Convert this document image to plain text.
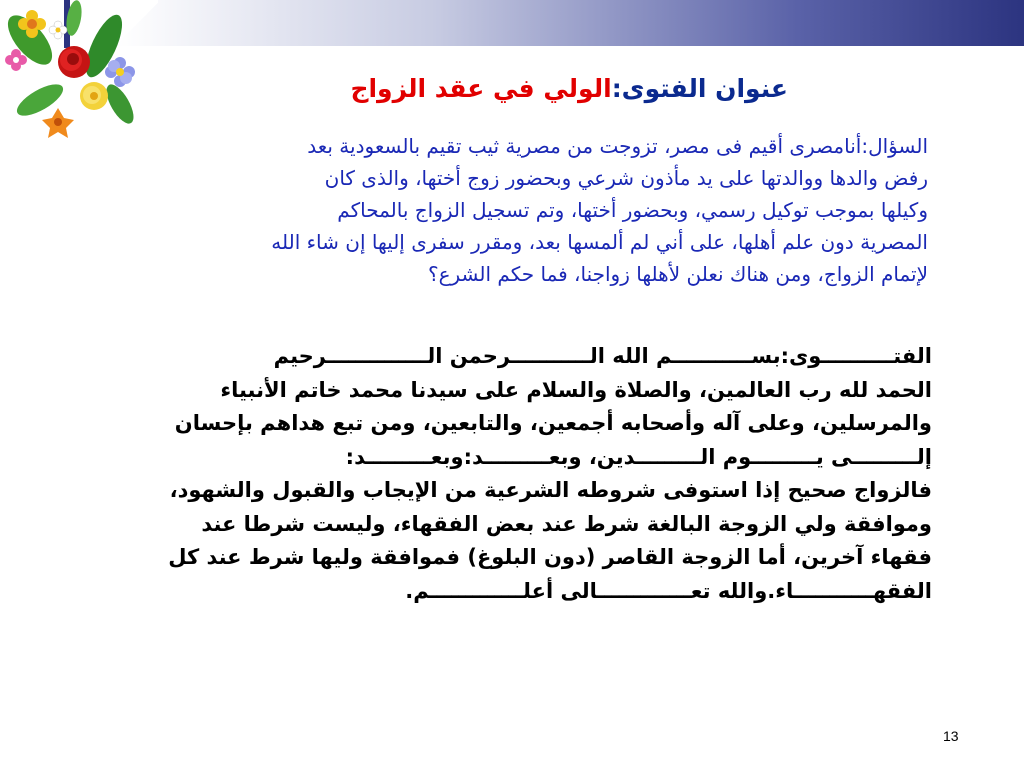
عنوان الفتوى:الولي في عقد الزواج
السؤال:أنامصرى أقيم فى مصر، تزوجت من مصرية ثيب تقيم بالسعودية بعد
رفض والدها ووالدتها على يد مأذون شرعي وبحضور زوج أختها، والذى كان
وكيلها بموجب توكيل رسمي، وبحضور أختها، وتم تسجيل الزواج بالمحاكم
المصرية دون علم أهلها، على أني لم ألمسها بعد، ومقرر سفرى إليها إن شاء الله
لإتمام الزواج، ومن هناك نعلن لأهلها زواجنا، فما حكم الشرع؟
الفتــــــــــوى:بســـــــــــم الله الـــــــــــرحمن الــــــــــــــرحيم
الحمد لله رب العالمين، والصلاة والسلام على سيدنا محمد خاتم الأنبياء
والمرسلين، وعلى آله وأصحابه أجمعين، والتابعين، ومن تبع هداهم بإحسان
إلـــــــــى يـــــــــوم الـــــــــدين، وبعـــــــــد:وبعـــــــــد:
فالزواج صحيح إذا استوفى شروطه الشرعية من الإيجاب والقبول والشهود،
وموافقة ولي الزوجة البالغة شرط عند بعض الفقهاء، وليست شرطا عند
فقهاء آخرين، أما الزوجة القاصر (دون البلوغ) فموافقة وليها شرط عند كل
الفقهـــــــــــاء.والله تعـــــــــــــالى أعلـــــــــــــم.
13
